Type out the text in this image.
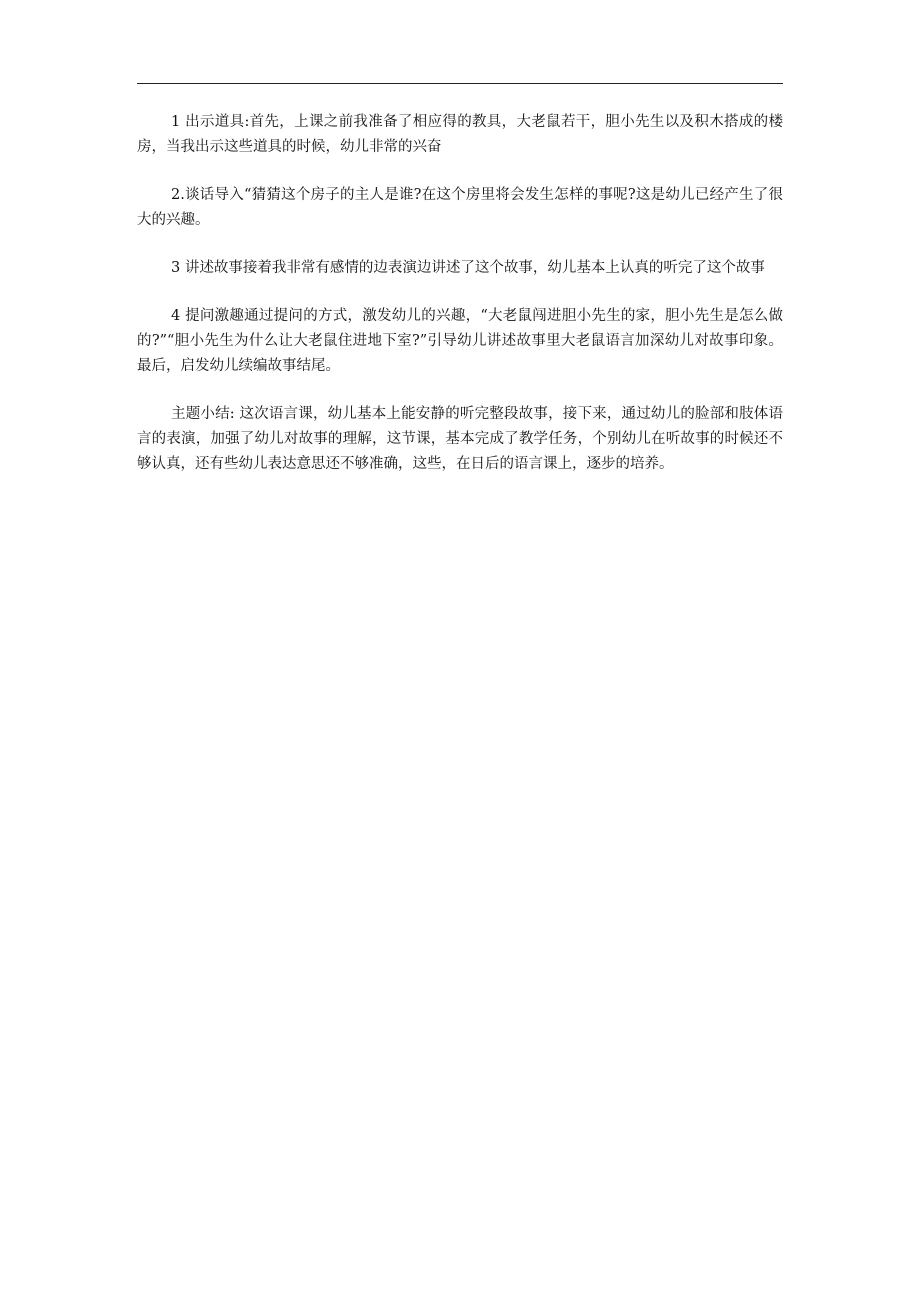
1 出示道具:首先，上课之前我准备了相应得的教具，大老鼠若干，胆小先生以及积木搭成的楼房，当我出示这些道具的时候，幼儿非常的兴奋

2.谈话导入“猜猜这个房子的主人是谁?在这个房里将会发生怎样的事呢?这是幼儿已经产生了很大的兴趣。

3 讲述故事接着我非常有感情的边表演边讲述了这个故事，幼儿基本上认真的听完了这个故事

4 提问激趣通过提问的方式，激发幼儿的兴趣，“大老鼠闯进胆小先生的家，胆小先生是怎么做的?”“胆小先生为什么让大老鼠住进地下室?”引导幼儿讲述故事里大老鼠语言加深幼儿对故事印象。最后，启发幼儿续编故事结尾。

主题小结: 这次语言课，幼儿基本上能安静的听完整段故事，接下来，通过幼儿的脸部和肢体语言的表演，加强了幼儿对故事的理解，这节课，基本完成了教学任务，个别幼儿在听故事的时候还不够认真，还有些幼儿表达意思还不够准确，这些，在日后的语言课上，逐步的培养。
